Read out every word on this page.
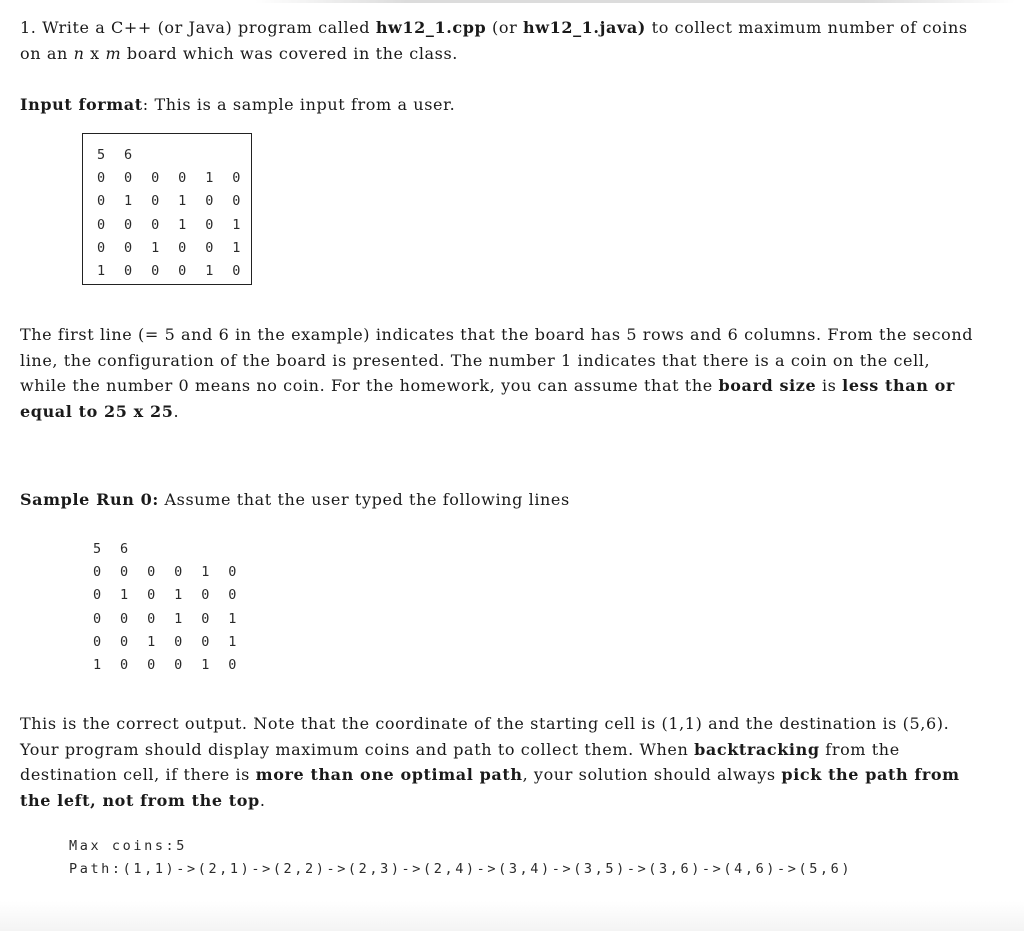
1. Write a C++ (or Java) program called hw12_1.cpp (or hw12_1.java) to collect maximum number of coins on an n x m board which was covered in the class.

Input format: This is a sample input from a user.

5 6
0 0 0 0 1 0
0 1 0 1 0 0
0 0 0 1 0 1
0 0 1 0 0 1
1 0 0 0 1 0

The first line (= 5 and 6 in the example) indicates that the board has 5 rows and 6 columns. From the second line, the configuration of the board is presented. The number 1 indicates that there is a coin on the cell, while the number 0 means no coin. For the homework, you can assume that the board size is less than or equal to 25 x 25.

Sample Run 0: Assume that the user typed the following lines

5 6
0 0 0 0 1 0
0 1 0 1 0 0
0 0 0 1 0 1
0 0 1 0 0 1
1 0 0 0 1 0

This is the correct output. Note that the coordinate of the starting cell is (1,1) and the destination is (5,6). Your program should display maximum coins and path to collect them. When backtracking from the destination cell, if there is more than one optimal path, your solution should always pick the path from the left, not from the top.

Max coins:5
Path:(1,1)->(2,1)->(2,2)->(2,3)->(2,4)->(3,4)->(3,5)->(3,6)->(4,6)->(5,6)
